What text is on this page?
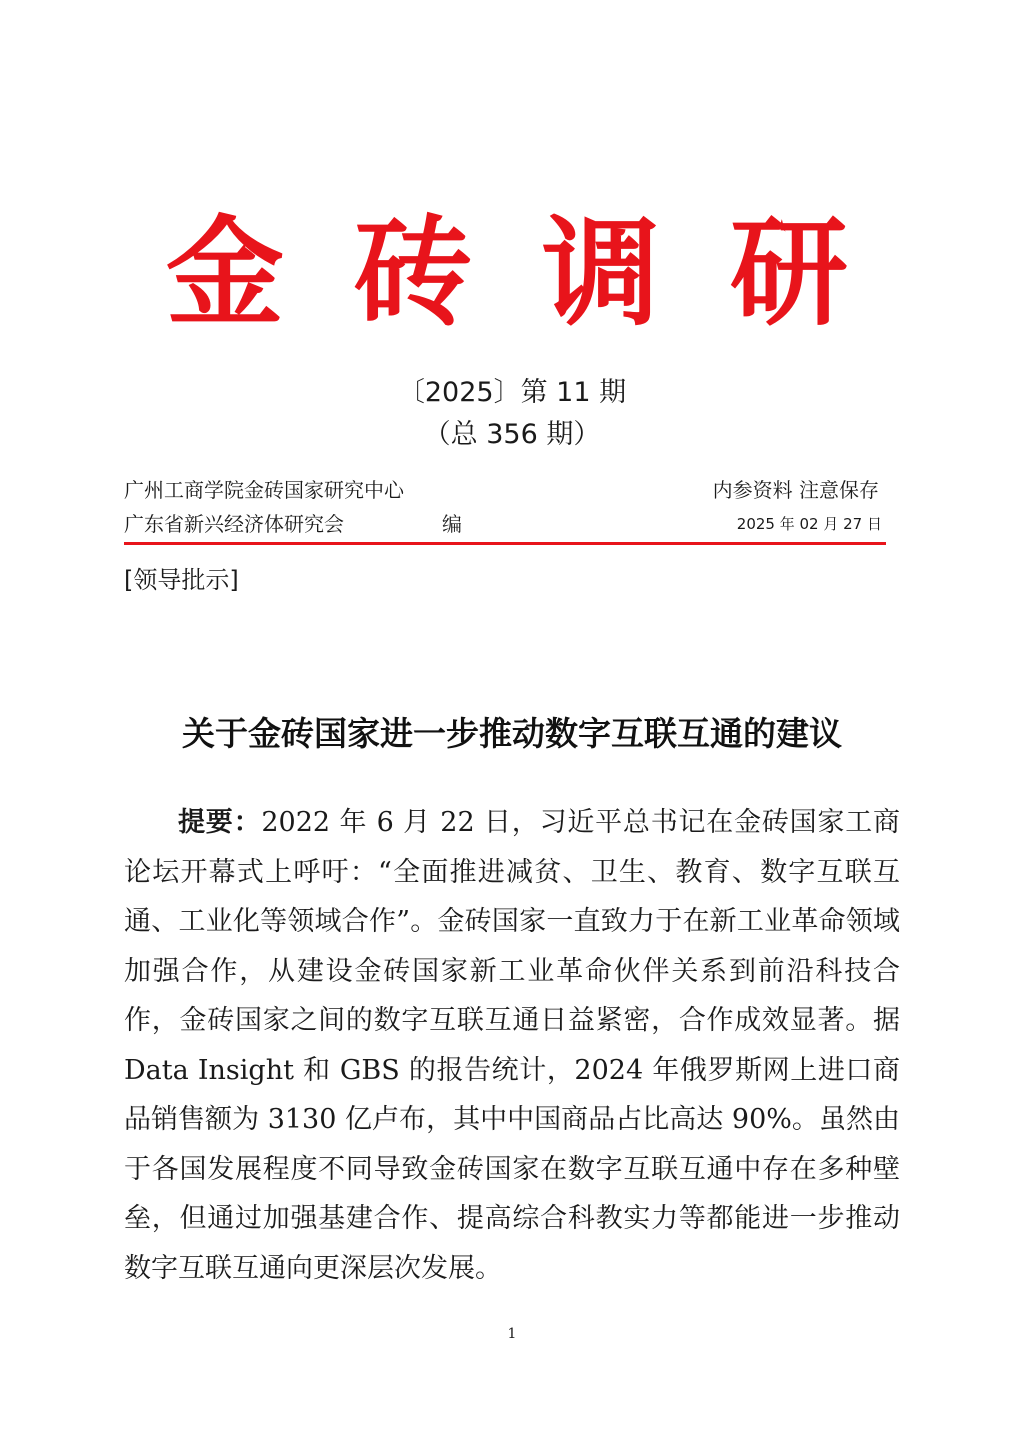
金砖调研
〔2025〕第 11 期
（总 356 期）
广州工商学院金砖国家研究中心
广东省新兴经济体研究会	编
内参资料 注意保存
2025 年 02 月 27 日
[领导批示]
关于金砖国家进一步推动数字互联互通的建议

提要：2022 年 6 月 22 日，习近平总书记在金砖国家工商论坛开幕式上呼吁：“全面推进减贫、卫生、教育、数字互联互通、工业化等领域合作”。金砖国家一直致力于在新工业革命领域加强合作，从建设金砖国家新工业革命伙伴关系到前沿科技合作，金砖国家之间的数字互联互通日益紧密，合作成效显著。据 Data Insight 和 GBS 的报告统计，2024 年俄罗斯网上进口商品销售额为 3130 亿卢布，其中中国商品占比高达 90%。虽然由于各国发展程度不同导致金砖国家在数字互联互通中存在多种壁垒，但通过加强基建合作、提高综合科教实力等都能进一步推动数字互联互通向更深层次发展。

1
